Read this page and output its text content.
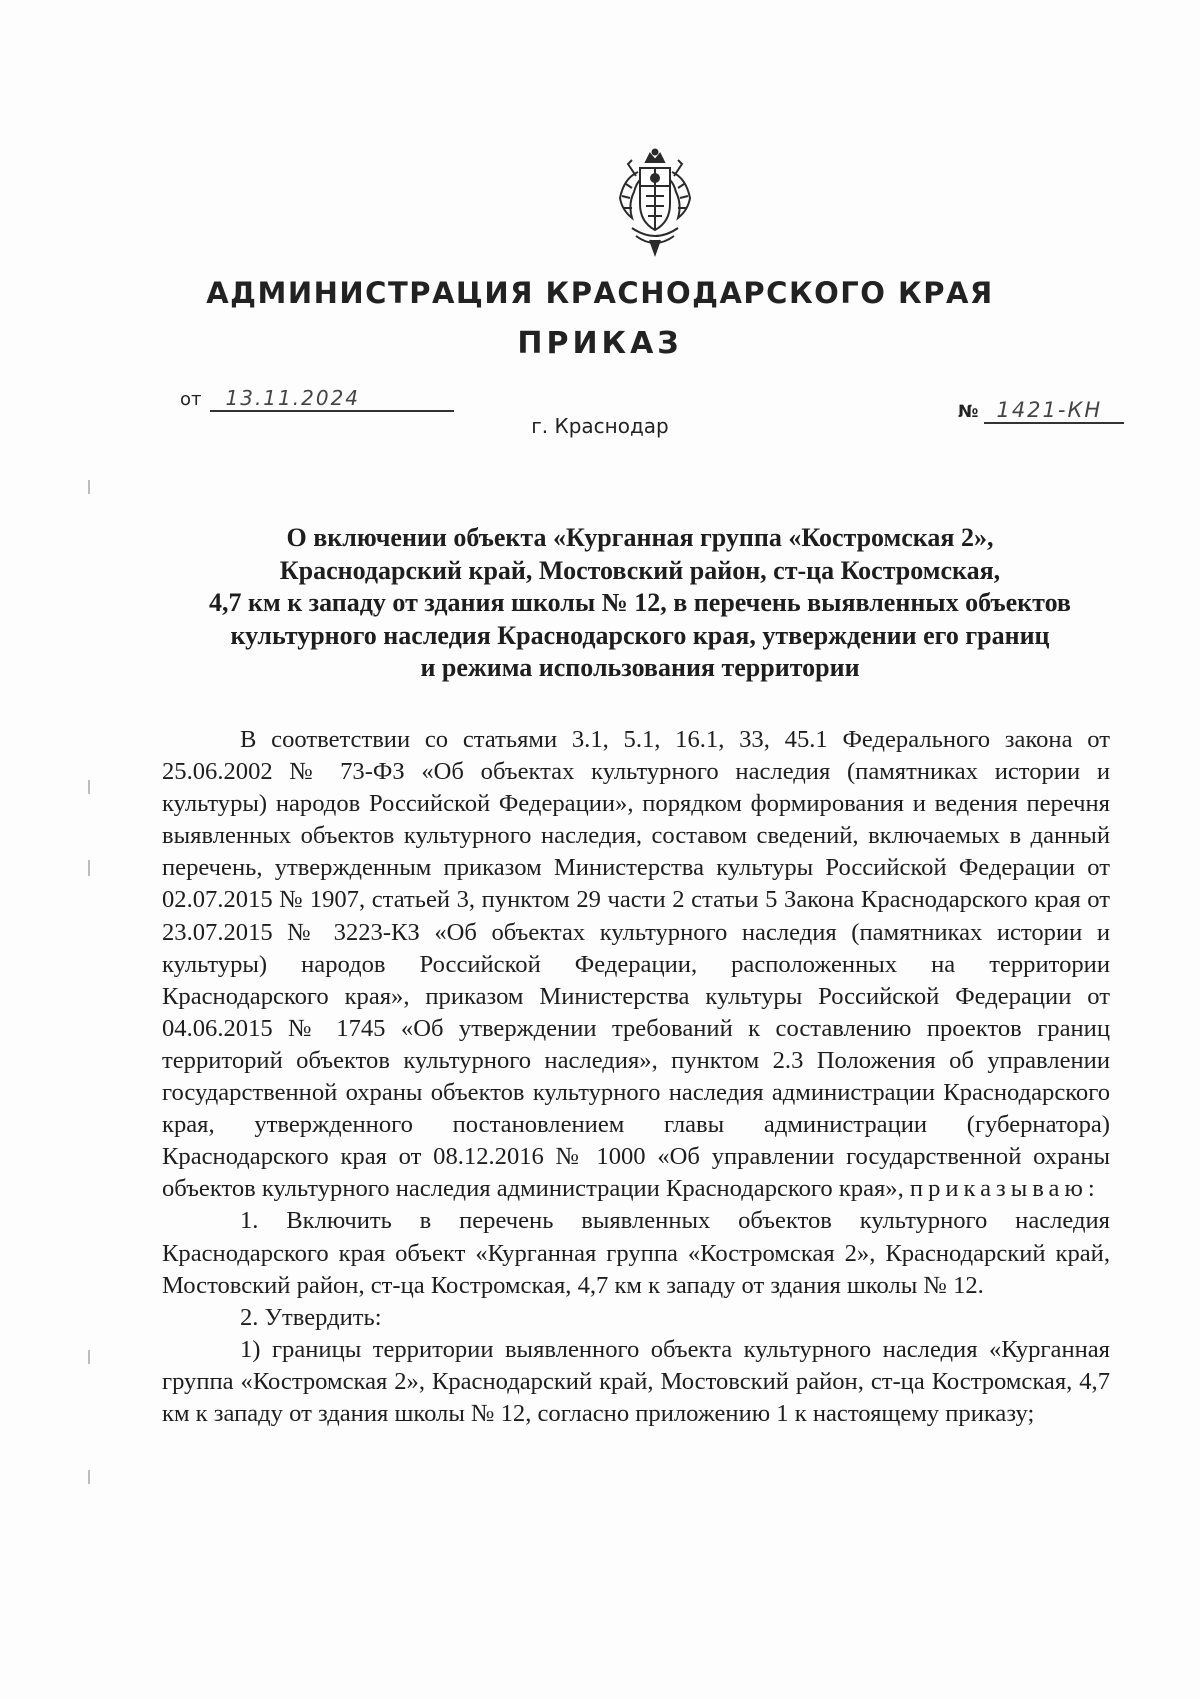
АДМИНИСТРАЦИЯ КРАСНОДАРСКОГО КРАЯ
ПРИКАЗ
от 13.11.2024
г. Краснодар
№ 1421-КН
О включении объекта «Курганная группа «Костромская 2»,
Краснодарский край, Мостовский район, ст-ца Костромская,
4,7 км к западу от здания школы № 12, в перечень выявленных объектов
культурного наследия Краснодарского края, утверждении его границ
и режима использования территории

В соответствии со статьями 3.1, 5.1, 16.1, 33, 45.1 Федерального закона от 25.06.2002 № 73-ФЗ «Об объектах культурного наследия (памятниках истории и культуры) народов Российской Федерации», порядком формирования и ведения перечня выявленных объектов культурного наследия, составом сведений, включаемых в данный перечень, утвержденным приказом Министерства культуры Российской Федерации от 02.07.2015 № 1907, статьей 3, пунктом 29 части 2 статьи 5 Закона Краснодарского края от 23.07.2015 № 3223-КЗ «Об объектах культурного наследия (памятниках истории и культуры) народов Российской Федерации, расположенных на территории Краснодарского края», приказом Министерства культуры Российской Федерации от 04.06.2015 № 1745 «Об утверждении требований к составлению проектов границ территорий объектов культурного наследия», пунктом 2.3 Положения об управлении государственной охраны объектов культурного наследия администрации Краснодарского края, утвержденного постановлением главы администрации (губернатора) Краснодарского края от 08.12.2016 № 1000 «Об управлении государственной охраны объектов культурного наследия администрации Краснодарского края», приказываю:

1. Включить в перечень выявленных объектов культурного наследия Краснодарского края объект «Курганная группа «Костромская 2», Краснодарский край, Мостовский район, ст-ца Костромская, 4,7 км к западу от здания школы № 12.

2. Утвердить:

1) границы территории выявленного объекта культурного наследия «Курганная группа «Костромская 2», Краснодарский край, Мостовский район, ст-ца Костромская, 4,7 км к западу от здания школы № 12, согласно приложению 1 к настоящему приказу;
